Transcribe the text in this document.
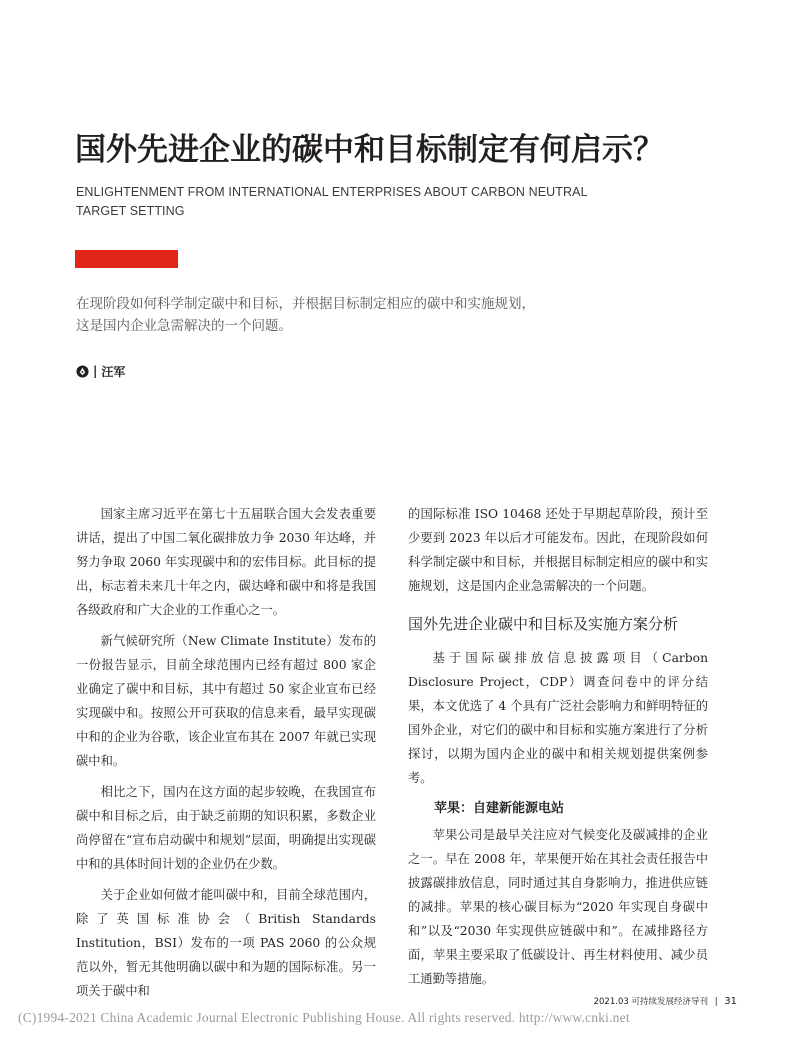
国外先进企业的碳中和目标制定有何启示？
ENLIGHTENMENT FROM INTERNATIONAL ENTERPRISES ABOUT CARBON NEUTRAL
TARGET SETTING

在现阶段如何科学制定碳中和目标，并根据目标制定相应的碳中和实施规划，

这是国内企业急需解决的一个问题。

| 汪军

国家主席习近平在第七十五届联合国大会发表重要讲话，提出了中国二氧化碳排放力争 2030 年达峰，并努力争取 2060 年实现碳中和的宏伟目标。此目标的提出，标志着未来几十年之内，碳达峰和碳中和将是我国各级政府和广大企业的工作重心之一。

新气候研究所（New Climate Institute）发布的一份报告显示，目前全球范围内已经有超过 800 家企业确定了碳中和目标，其中有超过 50 家企业宣布已经实现碳中和。按照公开可获取的信息来看，最早实现碳中和的企业为谷歌，该企业宣布其在 2007 年就已实现碳中和。

相比之下，国内在这方面的起步较晚，在我国宣布碳中和目标之后，由于缺乏前期的知识积累，多数企业尚停留在“宣布启动碳中和规划”层面，明确提出实现碳中和的具体时间计划的企业仍在少数。

关于企业如何做才能叫碳中和，目前全球范围内，除了英国标准协会（British Standards Institution，BSI）发布的一项 PAS 2060 的公众规范以外，暂无其他明确以碳中和为题的国际标准。另一项关于碳中和

的国际标准 ISO 10468 还处于早期起草阶段，预计至少要到 2023 年以后才可能发布。因此，在现阶段如何科学制定碳中和目标，并根据目标制定相应的碳中和实施规划，这是国内企业急需解决的一个问题。

国外先进企业碳中和目标及实施方案分析

基于国际碳排放信息披露项目（Carbon Disclosure Project，CDP）调查问卷中的评分结果，本文优选了 4 个具有广泛社会影响力和鲜明特征的国外企业，对它们的碳中和目标和实施方案进行了分析探讨，以期为国内企业的碳中和相关规划提供案例参考。

苹果：自建新能源电站

苹果公司是最早关注应对气候变化及碳减排的企业之一。早在 2008 年，苹果便开始在其社会责任报告中披露碳排放信息，同时通过其自身影响力，推进供应链的减排。苹果的核心碳目标为“2020 年实现自身碳中和”以及“2030 年实现供应链碳中和”。在减排路径方面，苹果主要采取了低碳设计、再生材料使用、减少员工通勤等措施。

2021.03 可持续发展经济导刊 | 31
(C)1994-2021 China Academic Journal Electronic Publishing House. All rights reserved. http://www.cnki.net
